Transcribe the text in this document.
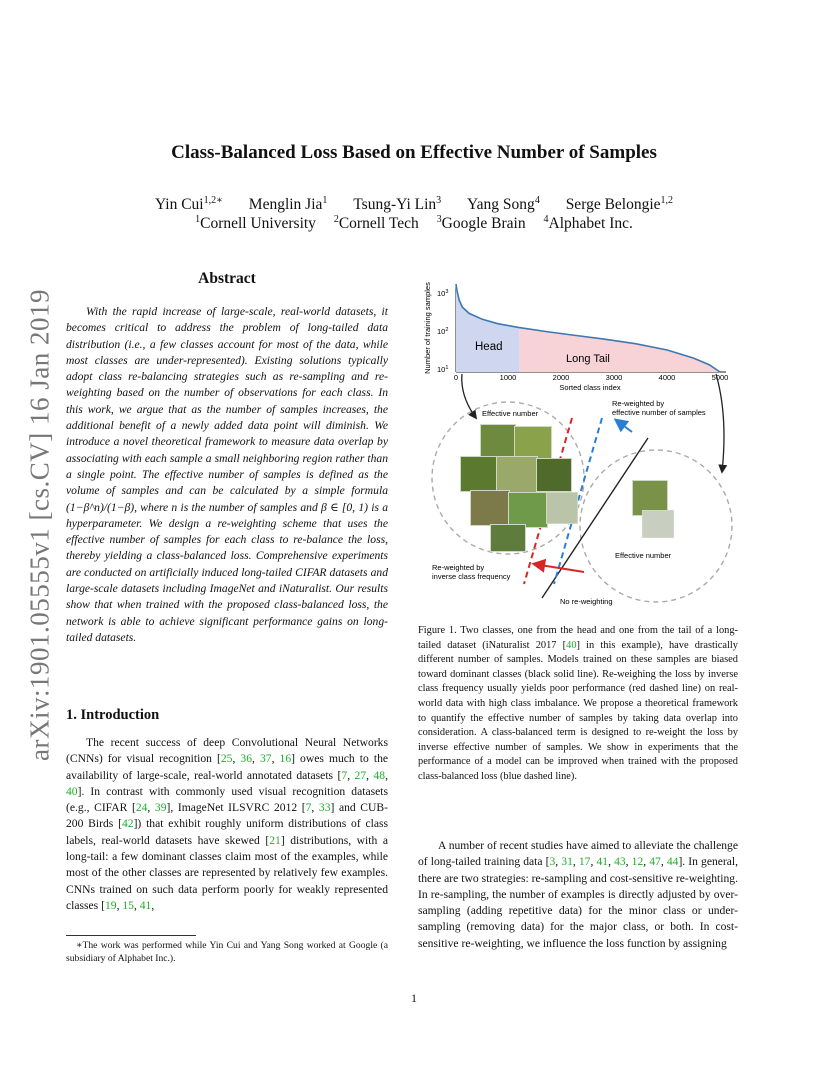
arXiv:1901.05555v1 [cs.CV] 16 Jan 2019
Class-Balanced Loss Based on Effective Number of Samples
Yin Cui$^{1,2∗}$ Menglin Jia$^1$ Tsung-Yi Lin$^3$ Yang Song$^4$ Serge Belongie$^{1,2}$
$^1$Cornell University $^2$Cornell Tech $^3$Google Brain $^4$Alphabet Inc.
Abstract
With the rapid increase of large-scale, real-world datasets, it becomes critical to address the problem of long-tailed data distribution (i.e., a few classes account for most of the data, while most classes are under-represented). Existing solutions typically adopt class re-balancing strategies such as re-sampling and re-weighting based on the number of observations for each class. In this work, we argue that as the number of samples increases, the additional benefit of a newly added data point will diminish. We introduce a novel theoretical framework to measure data overlap by associating with each sample a small neighboring region rather than a single point. The effective number of samples is defined as the volume of samples and can be calculated by a simple formula (1−β^n)/(1−β), where n is the number of samples and β ∈ [0, 1) is a hyperparameter. We design a re-weighting scheme that uses the effective number of samples for each class to re-balance the loss, thereby yielding a class-balanced loss. Comprehensive experiments are conducted on artificially induced long-tailed CIFAR datasets and large-scale datasets including ImageNet and iNaturalist. Our results show that when trained with the proposed class-balanced loss, the network is able to achieve significant performance gains on long-tailed datasets.
1. Introduction
The recent success of deep Convolutional Neural Networks (CNNs) for visual recognition [25, 36, 37, 16] owes much to the availability of large-scale, real-world annotated datasets [7, 27, 48, 40]. In contrast with commonly used visual recognition datasets (e.g., CIFAR [24, 39], ImageNet ILSVRC 2012 [7, 33] and CUB-200 Birds [42]) that exhibit roughly uniform distributions of class labels, real-world datasets have skewed [21] distributions, with a long-tail: a few dominant classes claim most of the examples, while most of the other classes are represented by relatively few examples. CNNs trained on such data perform poorly for weakly represented classes [19, 15, 41,
∗The work was performed while Yin Cui and Yang Song worked at Google (a subsidiary of Alphabet Inc.).
Number of training samples $10^3$
$10^2$
$10^1$
0	1000	2000	3000	4000	5000
Sorted class index
Head
Long Tail
Effective number
Effective number
Re-weighted by
effective number of samples
Re-weighted by
inverse class frequency
No re-weighting
Figure 1. Two classes, one from the head and one from the tail of a long-tailed dataset (iNaturalist 2017 [40] in this example), have drastically different number of samples. Models trained on these samples are biased toward dominant classes (black solid line). Re-weighing the loss by inverse class frequency usually yields poor performance (red dashed line) on real-world data with high class imbalance. We propose a theoretical framework to quantify the effective number of samples by taking data overlap into consideration. A class-balanced term is designed to re-weight the loss by inverse effective number of samples. We show in experiments that the performance of a model can be improved when trained with the proposed class-balanced loss (blue dashed line).
A number of recent studies have aimed to alleviate the challenge of long-tailed training data [3, 31, 17, 41, 43, 12, 47, 44]. In general, there are two strategies: re-sampling and cost-sensitive re-weighting. In re-sampling, the number of examples is directly adjusted by over-sampling (adding repetitive data) for the minor class or under-sampling (removing data) for the major class, or both. In cost-sensitive re-weighting, we influence the loss function by assigning
1
